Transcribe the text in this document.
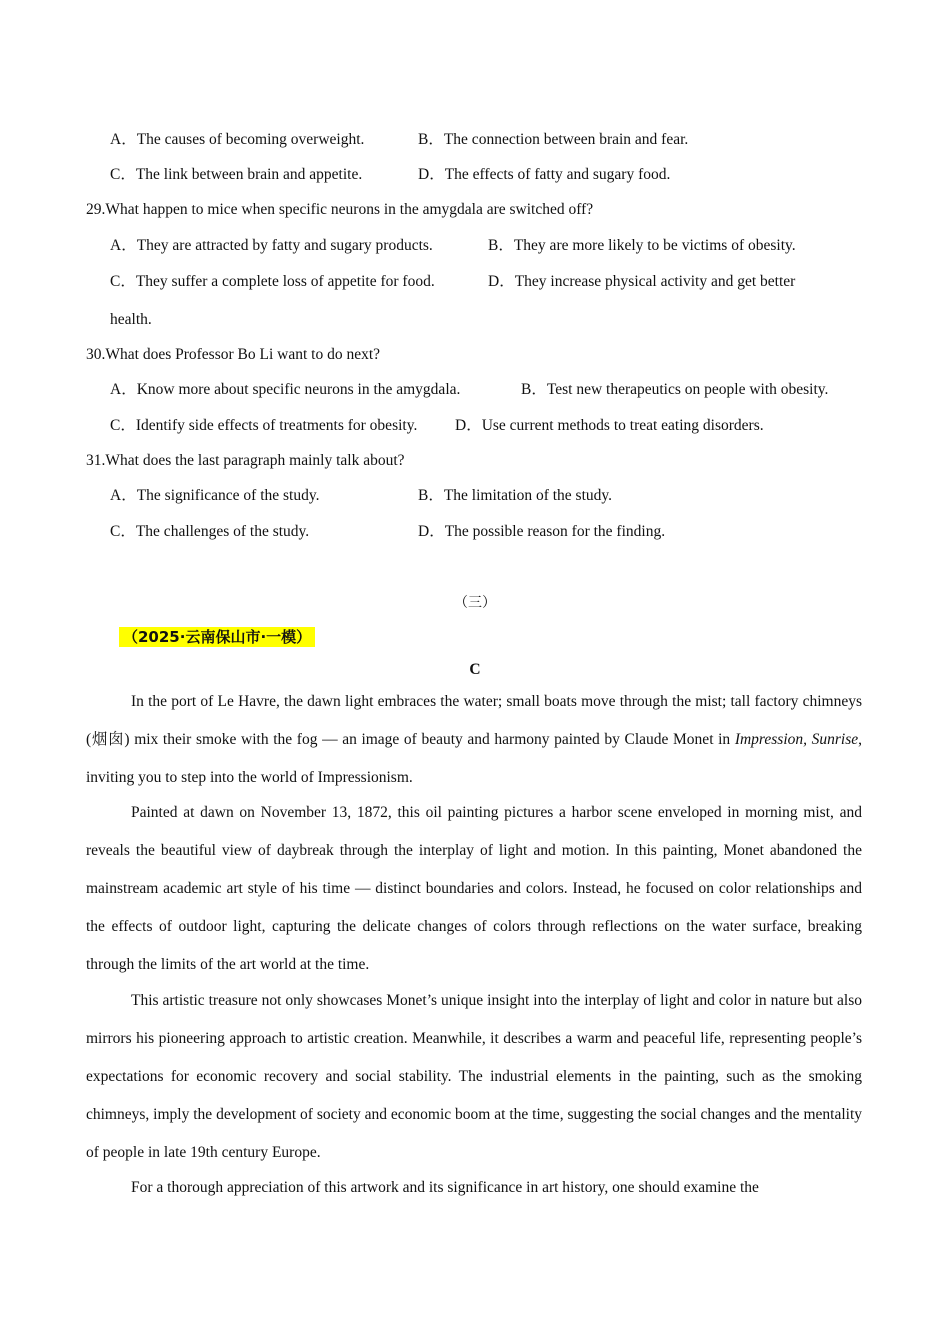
A．The causes of becoming overweight.	B．The connection between brain and fear.
C．The link between brain and appetite.	D．The effects of fatty and sugary food.
29.What happen to mice when specific neurons in the amygdala are switched off?
A．They are attracted by fatty and sugary products.	B．They are more likely to be victims of obesity.
C．They suffer a complete loss of appetite for food.	D．They increase physical activity and get better
health.
30.What does Professor Bo Li want to do next?
A．Know more about specific neurons in the amygdala.	B．Test new therapeutics on people with obesity.
C．Identify side effects of treatments for obesity. D．Use current methods to treat eating disorders.
31.What does the last paragraph mainly talk about?
A．The significance of the study.	B．The limitation of the study.
C．The challenges of the study.	D．The possible reason for the finding.
（三）
（2025·云南保山市·一模）
C
In the port of Le Havre, the dawn light embraces the water; small boats move through the mist; tall factory chimneys (烟囱) mix their smoke with the fog — an image of beauty and harmony painted by Claude Monet in Impression, Sunrise, inviting you to step into the world of Impressionism.
Painted at dawn on November 13, 1872, this oil painting pictures a harbor scene enveloped in morning mist, and reveals the beautiful view of daybreak through the interplay of light and motion. In this painting, Monet abandoned the mainstream academic art style of his time — distinct boundaries and colors. Instead, he focused on color relationships and the effects of outdoor light, capturing the delicate changes of colors through reflections on the water surface, breaking through the limits of the art world at the time.
This artistic treasure not only showcases Monet’s unique insight into the interplay of light and color in nature but also mirrors his pioneering approach to artistic creation. Meanwhile, it describes a warm and peaceful life, representing people’s expectations for economic recovery and social stability. The industrial elements in the painting, such as the smoking chimneys, imply the development of society and economic boom at the time, suggesting the social changes and the mentality of people in late 19th century Europe.
For a thorough appreciation of this artwork and its significance in art history, one should examine the
